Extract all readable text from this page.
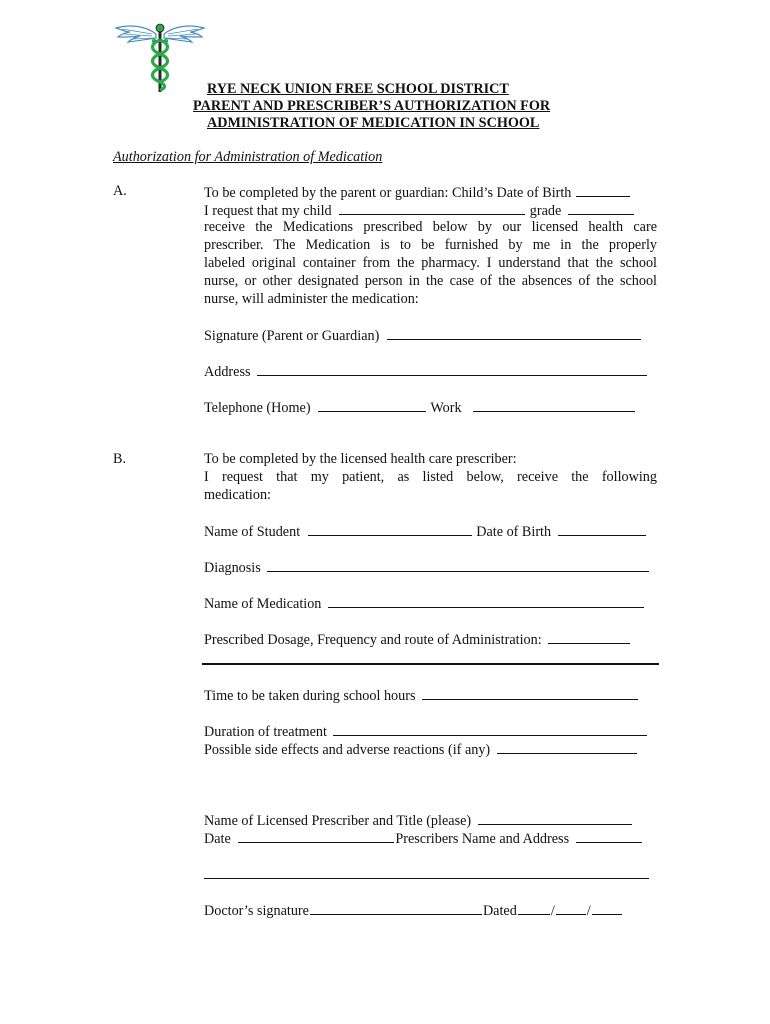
RYE NECK UNION FREE SCHOOL DISTRICT
PARENT AND PRESCRIBER’S AUTHORIZATION FOR
ADMINISTRATION OF MEDICATION IN SCHOOL
Authorization for Administration of Medication
A.	To be completed by the parent or guardian: Child’s Date of Birth
I request that my child	grade
receive the Medications prescribed below by our licensed health care
prescriber. The Medication is to be furnished by me in the properly
labeled original container from the pharmacy. I understand that the school
nurse, or other designated person in the case of the absences of the school
nurse, will administer the medication:
Signature (Parent or Guardian)
Address
Telephone (Home)	Work
B.	To be completed by the licensed health care prescriber:
I request that my patient, as listed below, receive the following
medication:
Name of Student	Date of Birth
Diagnosis
Name of Medication
Prescribed Dosage, Frequency and route of Administration:
Time to be taken during school hours
Duration of treatment
Possible side effects and adverse reactions (if any)
Name of Licensed Prescriber and Title (please)
Date	Prescribers Name and Address
Doctor’s signature	Dated / /
